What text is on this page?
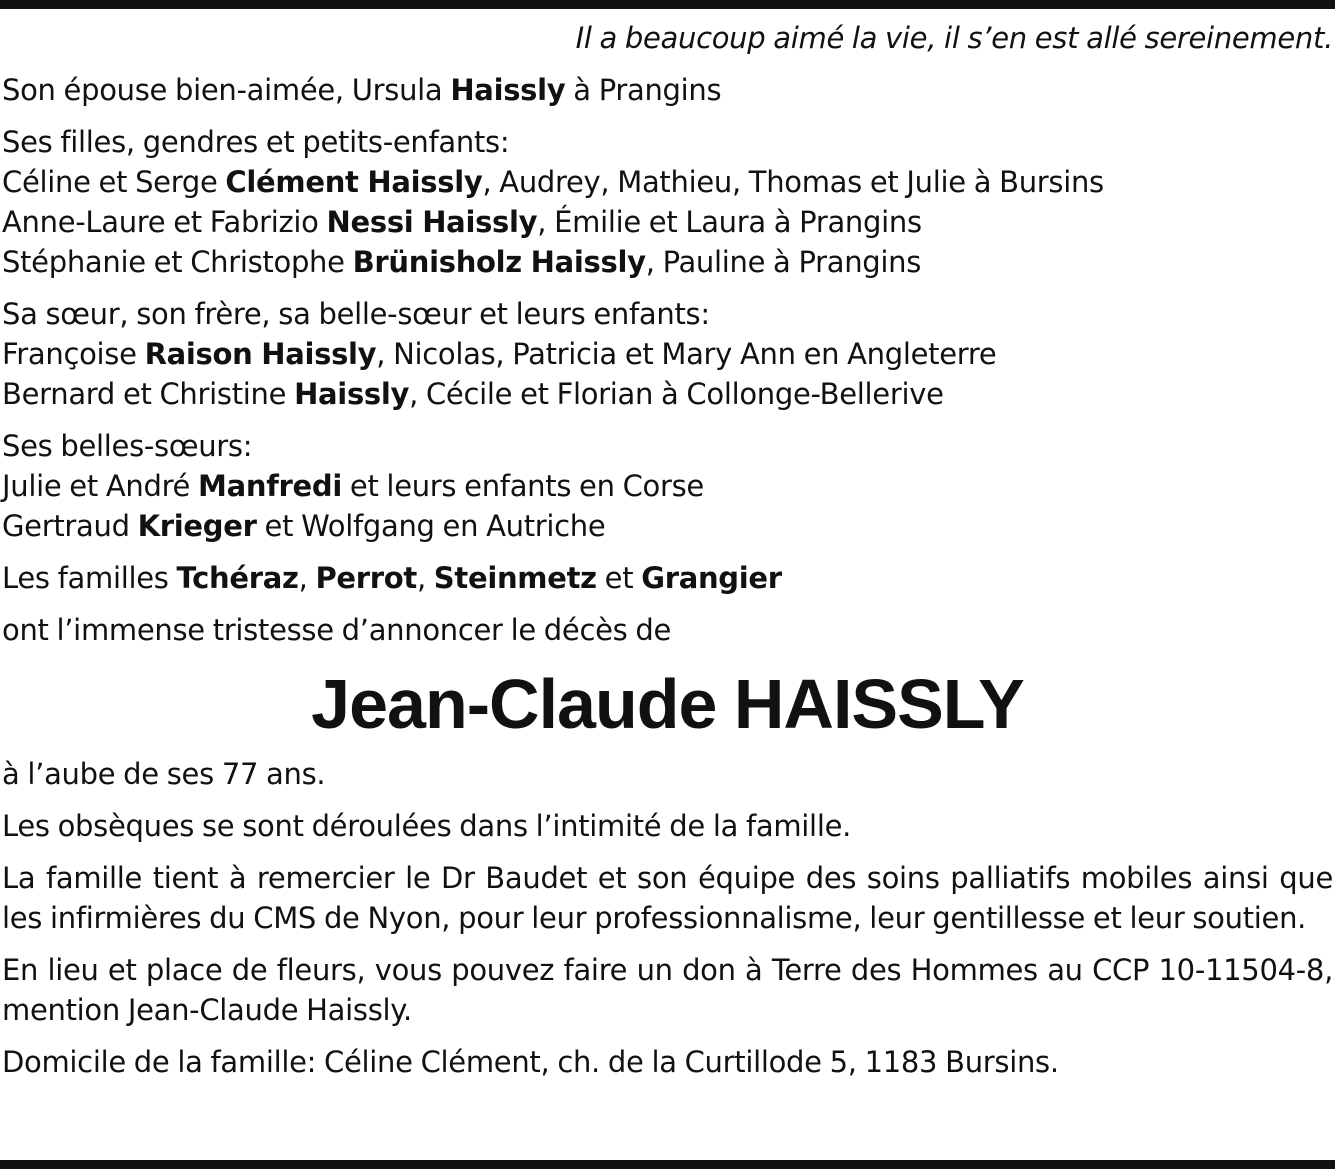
Il a beaucoup aimé la vie, il s’en est allé sereinement.
Son épouse bien-aimée, Ursula Haissly à Prangins
Ses filles, gendres et petits-enfants:
Céline et Serge Clément Haissly, Audrey, Mathieu, Thomas et Julie à Bursins
Anne-Laure et Fabrizio Nessi Haissly, Émilie et Laura à Prangins
Stéphanie et Christophe Brünisholz Haissly, Pauline à Prangins
Sa sœur, son frère, sa belle-sœur et leurs enfants:
Françoise Raison Haissly, Nicolas, Patricia et Mary Ann en Angleterre
Bernard et Christine Haissly, Cécile et Florian à Collonge-Bellerive
Ses belles-sœurs:
Julie et André Manfredi et leurs enfants en Corse
Gertraud Krieger et Wolfgang en Autriche
Les familles Tchéraz, Perrot, Steinmetz et Grangier
ont l’immense tristesse d’annoncer le décès de
Jean-Claude HAISSLY
à l’aube de ses 77 ans.
Les obsèques se sont déroulées dans l’intimité de la famille.
La famille tient à remercier le Dr Baudet et son équipe des soins palliatifs mobiles ainsi que les infirmières du CMS de Nyon, pour leur professionnalisme, leur gentillesse et leur soutien.
En lieu et place de fleurs, vous pouvez faire un don à Terre des Hommes au CCP 10-11504-8, mention Jean-Claude Haissly.
Domicile de la famille: Céline Clément, ch. de la Curtillode 5, 1183 Bursins.
